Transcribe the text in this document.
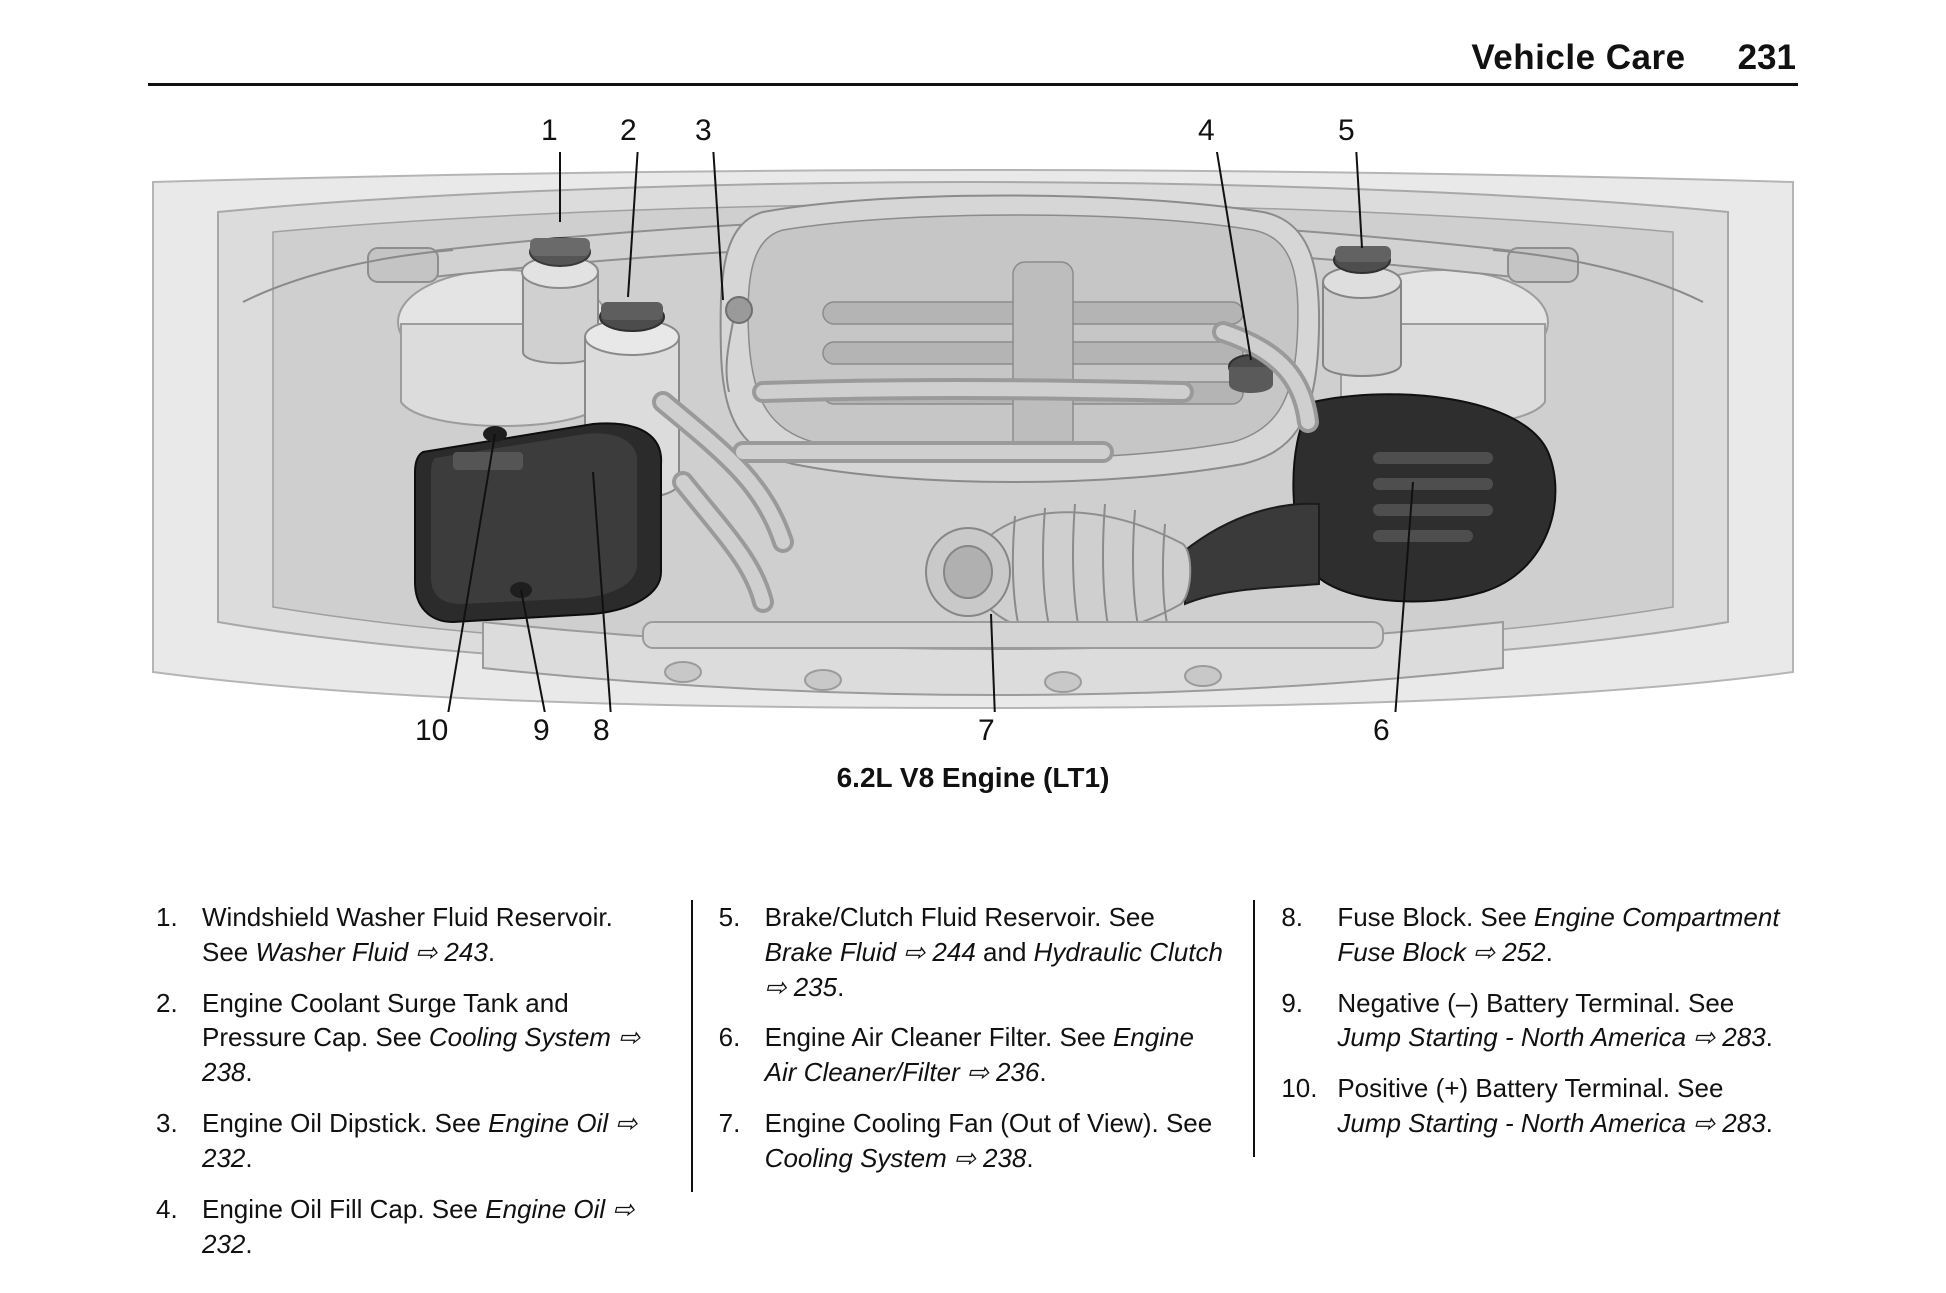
Vehicle Care 231
1 2 3	4	5
6
7
8
9
10
6.2L V8 Engine (LT1)
1. Windshield Washer Fluid Reservoir. See Washer Fluid ⇨ 243.
2. Engine Coolant Surge Tank and Pressure Cap. See Cooling System ⇨ 238.
3. Engine Oil Dipstick. See Engine Oil ⇨ 232.
4. Engine Oil Fill Cap. See Engine Oil ⇨ 232.
5. Brake/Clutch Fluid Reservoir. See Brake Fluid ⇨ 244 and Hydraulic Clutch ⇨ 235.
6. Engine Air Cleaner Filter. See Engine Air Cleaner/Filter ⇨ 236.
7. Engine Cooling Fan (Out of View). See Cooling System ⇨ 238.
8.	Fuse Block. See Engine Compartment Fuse Block ⇨ 252.
9.	Negative (–) Battery Terminal. See Jump Starting - North America ⇨ 283.
10. Positive (+) Battery Terminal. See Jump Starting - North America ⇨ 283.
